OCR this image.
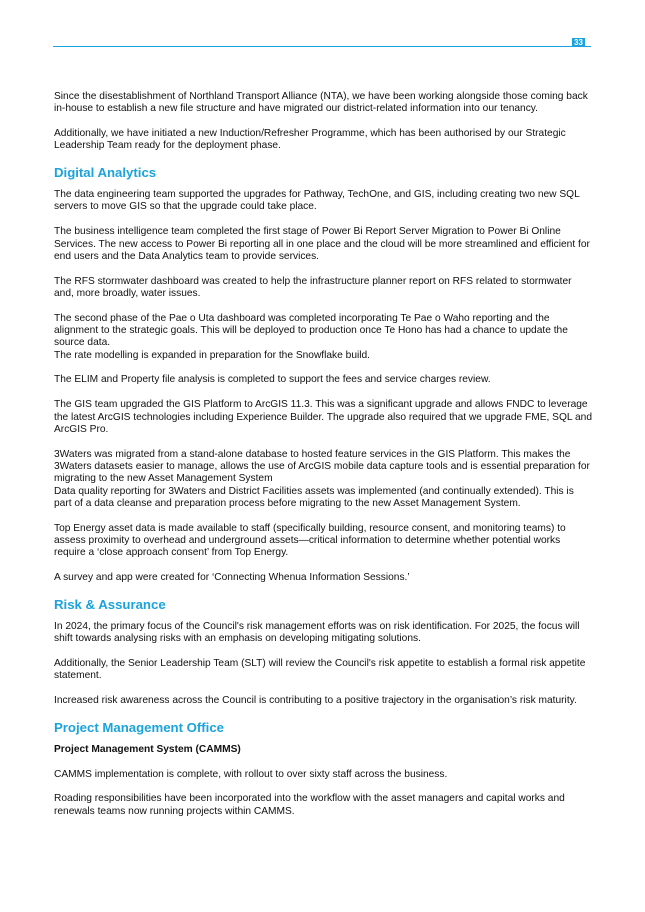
33

Since the disestablishment of Northland Transport Alliance (NTA), we have been working alongside those coming back in-house to establish a new file structure and have migrated our district-related information into our tenancy.

Additionally, we have initiated a new Induction/Refresher Programme, which has been authorised by our Strategic Leadership Team ready for the deployment phase.

Digital Analytics

The data engineering team supported the upgrades for Pathway, TechOne, and GIS, including creating two new SQL servers to move GIS so that the upgrade could take place.

The business intelligence team completed the first stage of Power Bi Report Server Migration to Power Bi Online Services. The new access to Power Bi reporting all in one place and the cloud will be more streamlined and efficient for end users and the Data Analytics team to provide services.

The RFS stormwater dashboard was created to help the infrastructure planner report on RFS related to stormwater and, more broadly, water issues.

The second phase of the Pae o Uta dashboard was completed incorporating Te Pae o Waho reporting and the alignment to the strategic goals. This will be deployed to production once Te Hono has had a chance to update the source data.

The rate modelling is expanded in preparation for the Snowflake build.

The ELIM and Property file analysis is completed to support the fees and service charges review.

The GIS team upgraded the GIS Platform to ArcGIS 11.3. This was a significant upgrade and allows FNDC to leverage the latest ArcGIS technologies including Experience Builder. The upgrade also required that we upgrade FME, SQL and ArcGIS Pro.

3Waters was migrated from a stand-alone database to hosted feature services in the GIS Platform. This makes the 3Waters datasets easier to manage, allows the use of ArcGIS mobile data capture tools and is essential preparation for migrating to the new Asset Management System

Data quality reporting for 3Waters and District Facilities assets was implemented (and continually extended). This is part of a data cleanse and preparation process before migrating to the new Asset Management System.

Top Energy asset data is made available to staff (specifically building, resource consent, and monitoring teams) to assess proximity to overhead and underground assets—critical information to determine whether potential works require a ‘close approach consent’ from Top Energy.

A survey and app were created for ‘Connecting Whenua Information Sessions.’

Risk & Assurance

In 2024, the primary focus of the Council's risk management efforts was on risk identification. For 2025, the focus will shift towards analysing risks with an emphasis on developing mitigating solutions.

Additionally, the Senior Leadership Team (SLT) will review the Council's risk appetite to establish a formal risk appetite statement.

Increased risk awareness across the Council is contributing to a positive trajectory in the organisation’s risk maturity.

Project Management Office
Project Management System (CAMMS)

CAMMS implementation is complete, with rollout to over sixty staff across the business.

Roading responsibilities have been incorporated into the workflow with the asset managers and capital works and renewals teams now running projects within CAMMS.
